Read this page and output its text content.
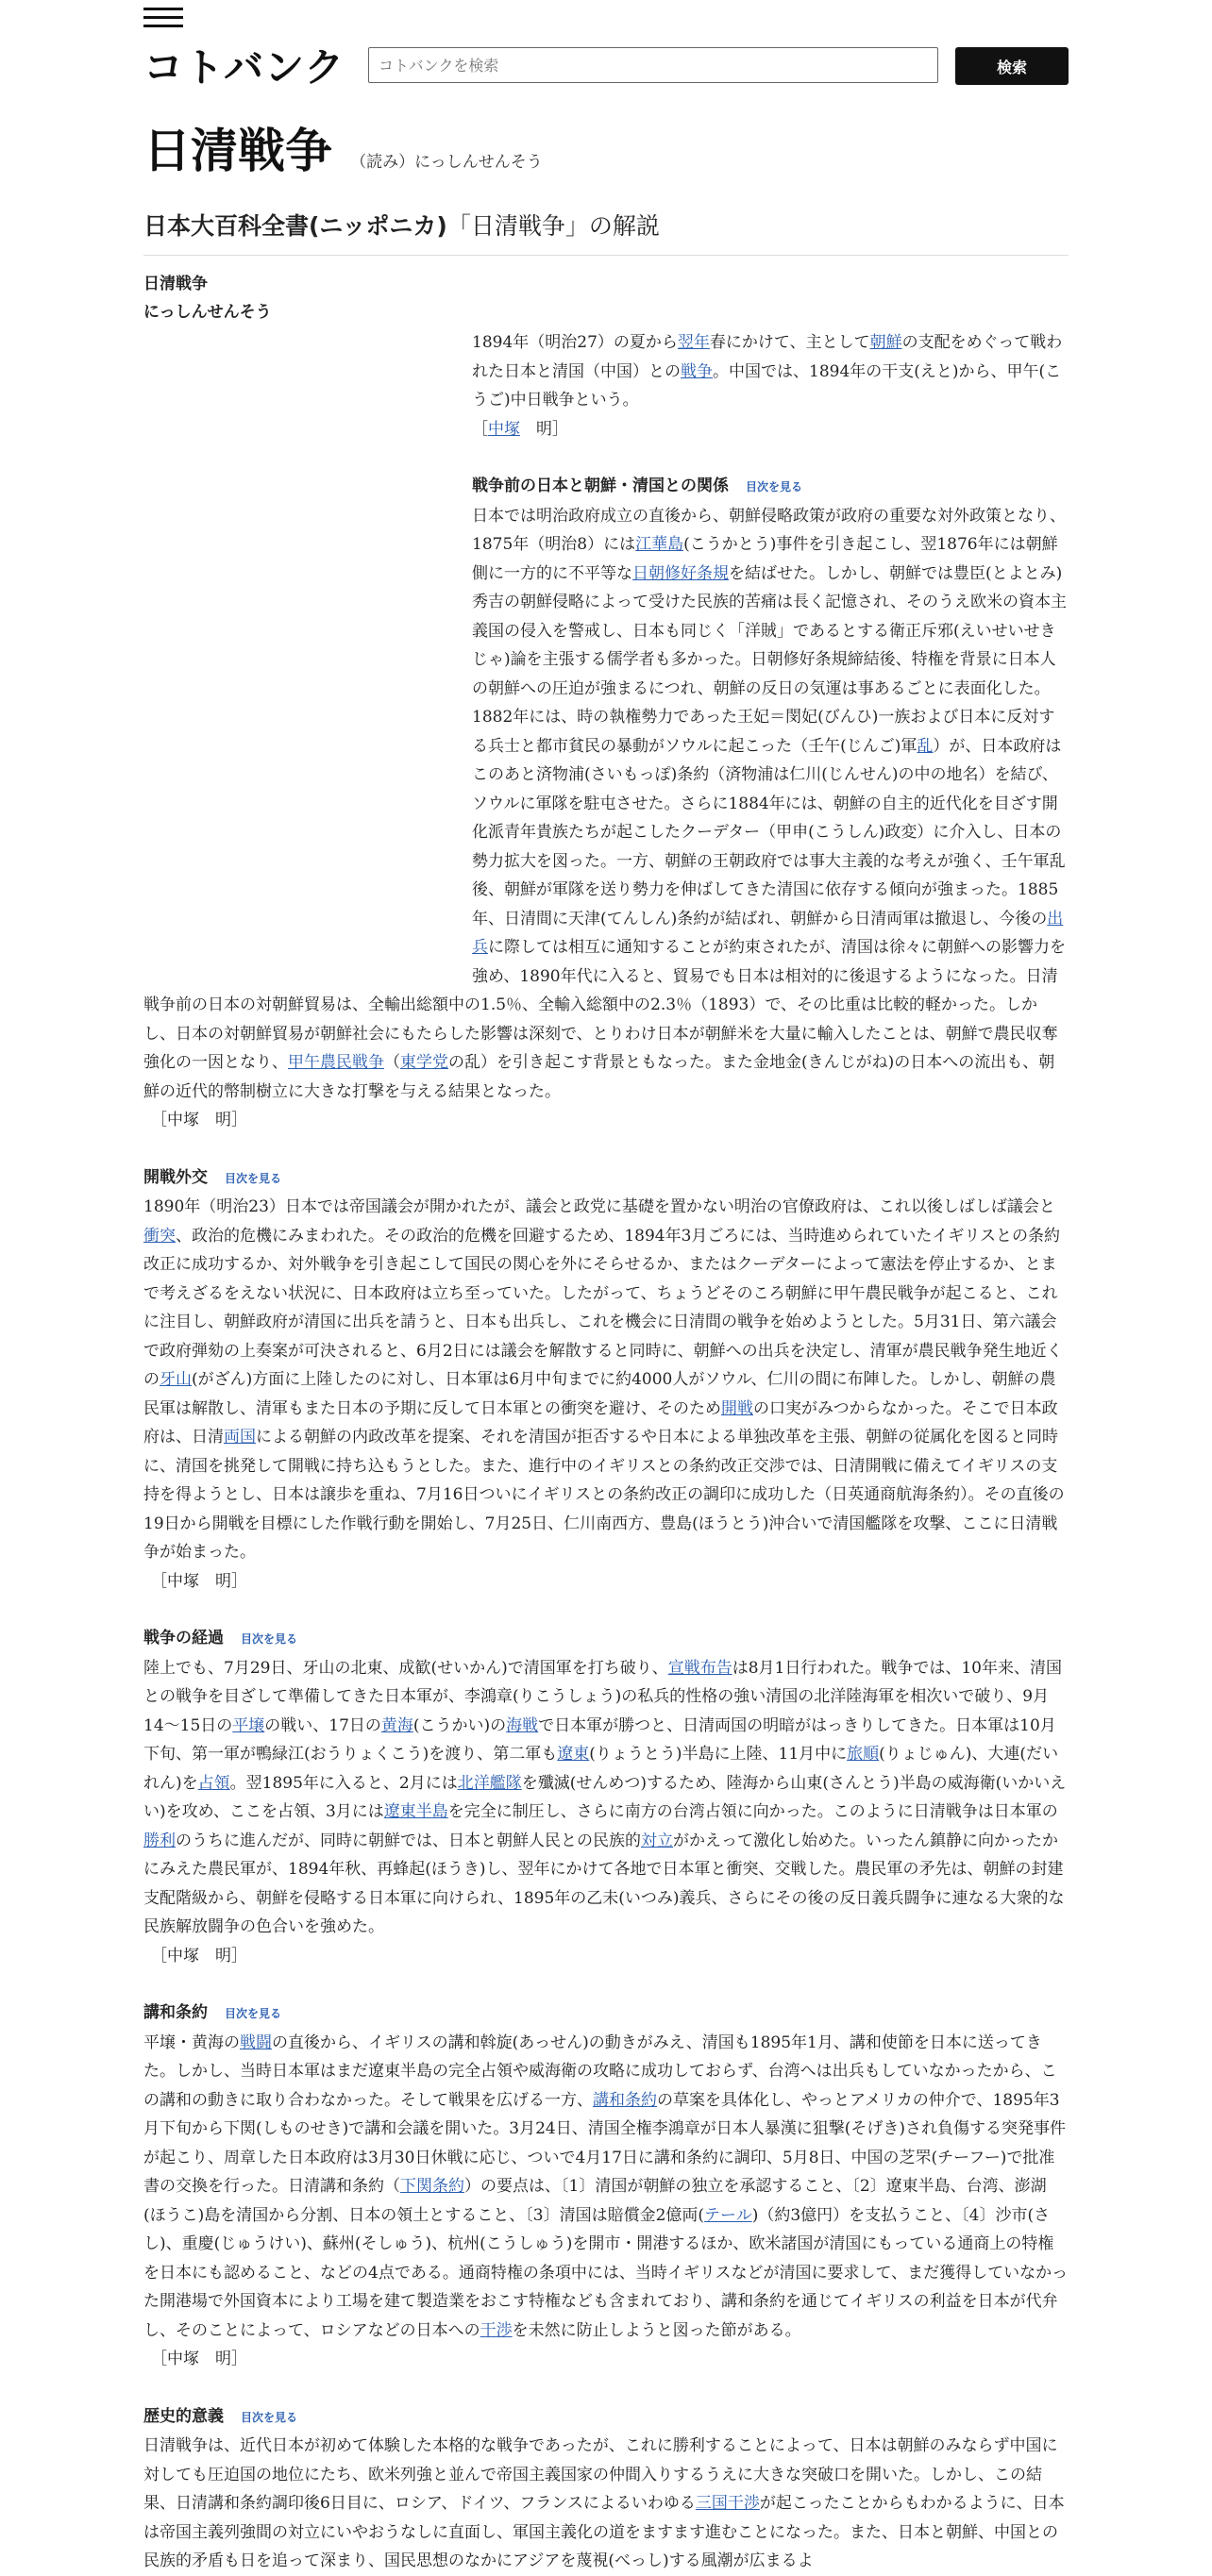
コトバンク
コトバンクを検索	検索
日清戦争 （読み）にっしんせんそう
日本大百科全書(ニッポニカ)「日清戦争」の解説
日清戦争
にっしんせんそう

1894年（明治27）の夏から翌年春にかけて、主として朝鮮の支配をめぐって戦われた日本と清国（中国）との戦争。中国では、1894年の干支(えと)から、甲午(こうご)中日戦争という。

［中塚　明］

戦争前の日本と朝鮮・清国との関係 目次を見る

日本では明治政府成立の直後から、朝鮮侵略政策が政府の重要な対外政策となり、1875年（明治8）には江華島(こうかとう)事件を引き起こし、翌1876年には朝鮮側に一方的に不平等な日朝修好条規を結ばせた。しかし、朝鮮では豊臣(とよとみ)秀吉の朝鮮侵略によって受けた民族的苦痛は長く記憶され、そのうえ欧米の資本主義国の侵入を警戒し、日本も同じく「洋賊」であるとする衛正斥邪(えいせいせきじゃ)論を主張する儒学者も多かった。日朝修好条規締結後、特権を背景に日本人の朝鮮への圧迫が強まるにつれ、朝鮮の反日の気運は事あるごとに表面化した。1882年には、時の執権勢力であった王妃＝閔妃(びんひ)一族および日本に反対する兵士と都市貧民の暴動がソウルに起こった（壬午(じんご)軍乱）が、日本政府はこのあと済物浦(さいもっぽ)条約（済物浦は仁川(じんせん)の中の地名）を結び、ソウルに軍隊を駐屯させた。さらに1884年には、朝鮮の自主的近代化を目ざす開化派青年貴族たちが起こしたクーデター（甲申(こうしん)政変）に介入し、日本の勢力拡大を図った。一方、朝鮮の王朝政府では事大主義的な考えが強く、壬午軍乱後、朝鮮が軍隊を送り勢力を伸ばしてきた清国に依存する傾向が強まった。1885年、日清間に天津(てんしん)条約が結ばれ、朝鮮から日清両軍は撤退し、今後の出兵に際しては相互に通知することが約束されたが、清国は徐々に朝鮮への影響力を強め、1890年代に入ると、貿易でも日本は相対的に後退するようになった。日清戦争前の日本の対朝鮮貿易は、全輸出総額中の1.5％、全輸入総額中の2.3％（1893）で、その比重は比較的軽かった。しかし、日本の対朝鮮貿易が朝鮮社会にもたらした影響は深刻で、とりわけ日本が朝鮮米を大量に輸入したことは、朝鮮で農民収奪強化の一因となり、甲午農民戦争（東学党の乱）を引き起こす背景ともなった。また金地金(きんじがね)の日本への流出も、朝鮮の近代的幣制樹立に大きな打撃を与える結果となった。

［中塚　明］

開戦外交 目次を見る

1890年（明治23）日本では帝国議会が開かれたが、議会と政党に基礎を置かない明治の官僚政府は、これ以後しばしば議会と衝突、政治的危機にみまわれた。その政治的危機を回避するため、1894年3月ごろには、当時進められていたイギリスとの条約改正に成功するか、対外戦争を引き起こして国民の関心を外にそらせるか、またはクーデターによって憲法を停止するか、とまで考えざるをえない状況に、日本政府は立ち至っていた。したがって、ちょうどそのころ朝鮮に甲午農民戦争が起こると、これに注目し、朝鮮政府が清国に出兵を請うと、日本も出兵し、これを機会に日清間の戦争を始めようとした。5月31日、第六議会で政府弾劾の上奏案が可決されると、6月2日には議会を解散すると同時に、朝鮮への出兵を決定し、清軍が農民戦争発生地近くの牙山(がざん)方面に上陸したのに対し、日本軍は6月中旬までに約4000人がソウル、仁川の間に布陣した。しかし、朝鮮の農民軍は解散し、清軍もまた日本の予期に反して日本軍との衝突を避け、そのため開戦の口実がみつからなかった。そこで日本政府は、日清両国による朝鮮の内政改革を提案、それを清国が拒否するや日本による単独改革を主張、朝鮮の従属化を図ると同時に、清国を挑発して開戦に持ち込もうとした。また、進行中のイギリスとの条約改正交渉では、日清開戦に備えてイギリスの支持を得ようとし、日本は譲歩を重ね、7月16日ついにイギリスとの条約改正の調印に成功した（日英通商航海条約）。その直後の19日から開戦を目標にした作戦行動を開始し、7月25日、仁川南西方、豊島(ほうとう)沖合いで清国艦隊を攻撃、ここに日清戦争が始まった。

［中塚　明］

戦争の経過 目次を見る

陸上でも、7月29日、牙山の北東、成歓(せいかん)で清国軍を打ち破り、宣戦布告は8月1日行われた。戦争では、10年来、清国との戦争を目ざして準備してきた日本軍が、李鴻章(りこうしょう)の私兵的性格の強い清国の北洋陸海軍を相次いで破り、9月14～15日の平壌の戦い、17日の黄海(こうかい)の海戦で日本軍が勝つと、日清両国の明暗がはっきりしてきた。日本軍は10月下旬、第一軍が鴨緑江(おうりょくこう)を渡り、第二軍も遼東(りょうとう)半島に上陸、11月中に旅順(りょじゅん)、大連(だいれん)を占領。翌1895年に入ると、2月には北洋艦隊を殲滅(せんめつ)するため、陸海から山東(さんとう)半島の威海衛(いかいえい)を攻め、ここを占領、3月には遼東半島を完全に制圧し、さらに南方の台湾占領に向かった。このように日清戦争は日本軍の勝利のうちに進んだが、同時に朝鮮では、日本と朝鮮人民との民族的対立がかえって激化し始めた。いったん鎮静に向かったかにみえた農民軍が、1894年秋、再蜂起(ほうき)し、翌年にかけて各地で日本軍と衝突、交戦した。農民軍の矛先は、朝鮮の封建支配階級から、朝鮮を侵略する日本軍に向けられ、1895年の乙未(いつみ)義兵、さらにその後の反日義兵闘争に連なる大衆的な民族解放闘争の色合いを強めた。

［中塚　明］

講和条約 目次を見る

平壌・黄海の戦闘の直後から、イギリスの講和斡旋(あっせん)の動きがみえ、清国も1895年1月、講和使節を日本に送ってきた。しかし、当時日本軍はまだ遼東半島の完全占領や威海衛の攻略に成功しておらず、台湾へは出兵もしていなかったから、この講和の動きに取り合わなかった。そして戦果を広げる一方、講和条約の草案を具体化し、やっとアメリカの仲介で、1895年3月下旬から下関(しものせき)で講和会議を開いた。3月24日、清国全権李鴻章が日本人暴漢に狙撃(そげき)され負傷する突発事件が起こり、周章した日本政府は3月30日休戦に応じ、ついで4月17日に講和条約に調印、5月8日、中国の芝罘(チーフー)で批准書の交換を行った。日清講和条約（下関条約）の要点は、〔1〕清国が朝鮮の独立を承認すること、〔2〕遼東半島、台湾、澎湖(ほうこ)島を清国から分割、日本の領土とすること、〔3〕清国は賠償金2億両(テール)（約3億円）を支払うこと、〔4〕沙市(さし)、重慶(じゅうけい)、蘇州(そしゅう)、杭州(こうしゅう)を開市・開港するほか、欧米諸国が清国にもっている通商上の特権を日本にも認めること、などの4点である。通商特権の条項中には、当時イギリスなどが清国に要求して、まだ獲得していなかった開港場で外国資本により工場を建て製造業をおこす特権なども含まれており、講和条約を通じてイギリスの利益を日本が代弁し、そのことによって、ロシアなどの日本への干渉を未然に防止しようと図った節がある。

［中塚　明］

歴史的意義 目次を見る

日清戦争は、近代日本が初めて体験した本格的な戦争であったが、これに勝利することによって、日本は朝鮮のみならず中国に対しても圧迫国の地位にたち、欧米列強と並んで帝国主義国家の仲間入りするうえに大きな突破口を開いた。しかし、この結果、日清講和条約調印後6日目に、ロシア、ドイツ、フランスによるいわゆる三国干渉が起こったことからもわかるように、日本は帝国主義列強間の対立にいやおうなしに直面し、軍国主義化の道をますます進むことになった。また、日本と朝鮮、中国との民族的矛盾も日を追って深まり、国民思想のなかにアジアを蔑視(べっし)する風潮が広まるよ
